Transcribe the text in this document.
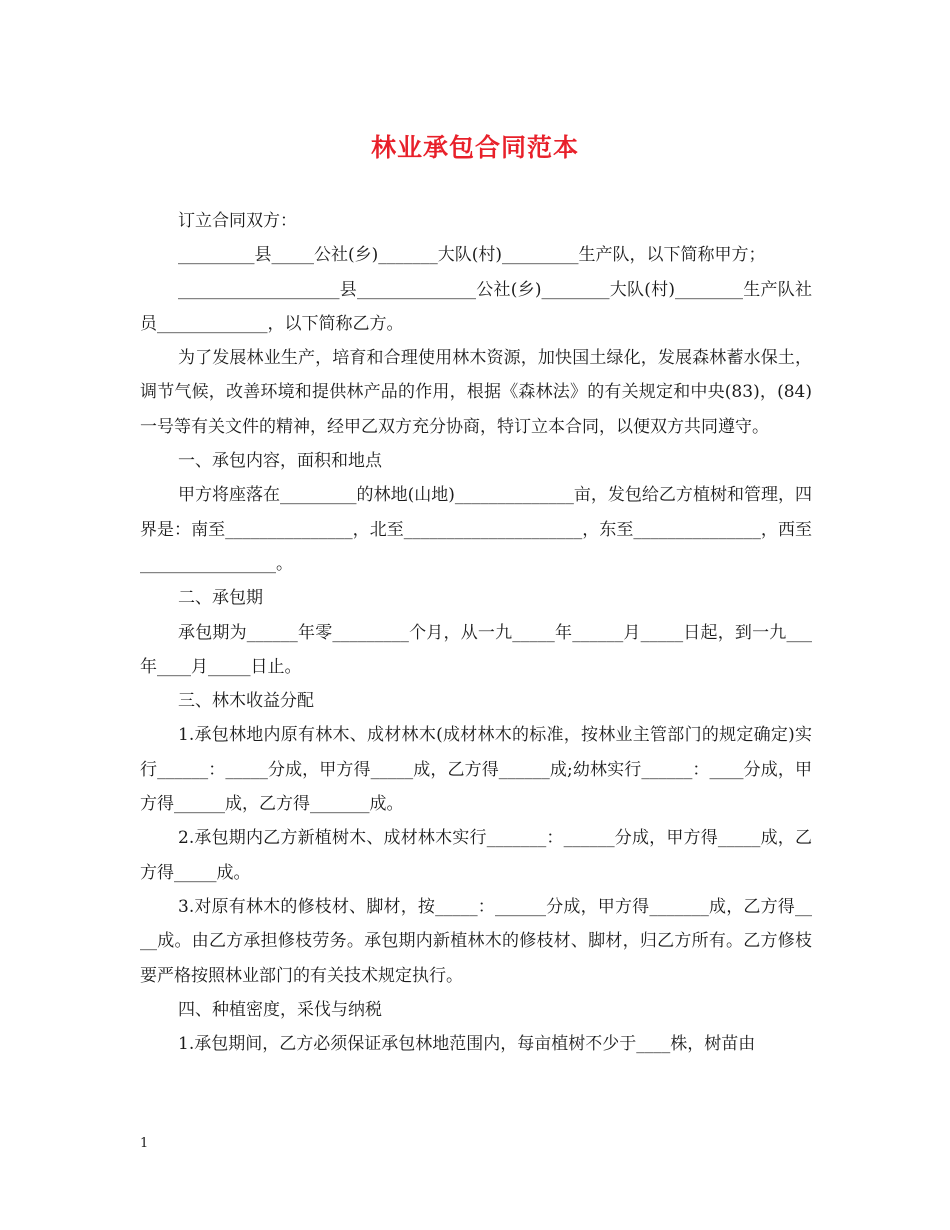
林业承包合同范本

订立合同双方：

_________县_____公社(乡)_______大队(村)_________生产队，以下简称甲方；

___________________县______________公社(乡)________大队(村)________生产队社员_____________，以下简称乙方。

为了发展林业生产，培育和合理使用林木资源，加快国土绿化，发展森林蓄水保土，调节气候，改善环境和提供林产品的作用，根据《森林法》的有关规定和中央(83)，(84)一号等有关文件的精神，经甲乙双方充分协商，特订立本合同，以便双方共同遵守。

一、承包内容，面积和地点

甲方将座落在_________的林地(山地)______________亩，发包给乙方植树和管理，四界是：南至_______________，北至_____________________，东至_______________，西至________________。

二、承包期

承包期为______年零_________个月，从一九_____年______月_____日起，到一九___年____月_____日止。

三、林木收益分配

1.承包林地内原有林木、成材林木(成材林木的标准，按林业主管部门的规定确定)实行______：_____分成，甲方得_____成，乙方得______成;幼林实行______：____分成，甲方得______成，乙方得_______成。

2.承包期内乙方新植树木、成材林木实行_______：______分成，甲方得_____成，乙方得_____成。

3.对原有林木的修枝材、脚材，按_____：______分成，甲方得_______成，乙方得____成。由乙方承担修枝劳务。承包期内新植林木的修枝材、脚材，归乙方所有。乙方修枝要严格按照林业部门的有关技术规定执行。

四、种植密度，采伐与纳税

1.承包期间，乙方必须保证承包林地范围内，每亩植树不少于____株，树苗由

1
